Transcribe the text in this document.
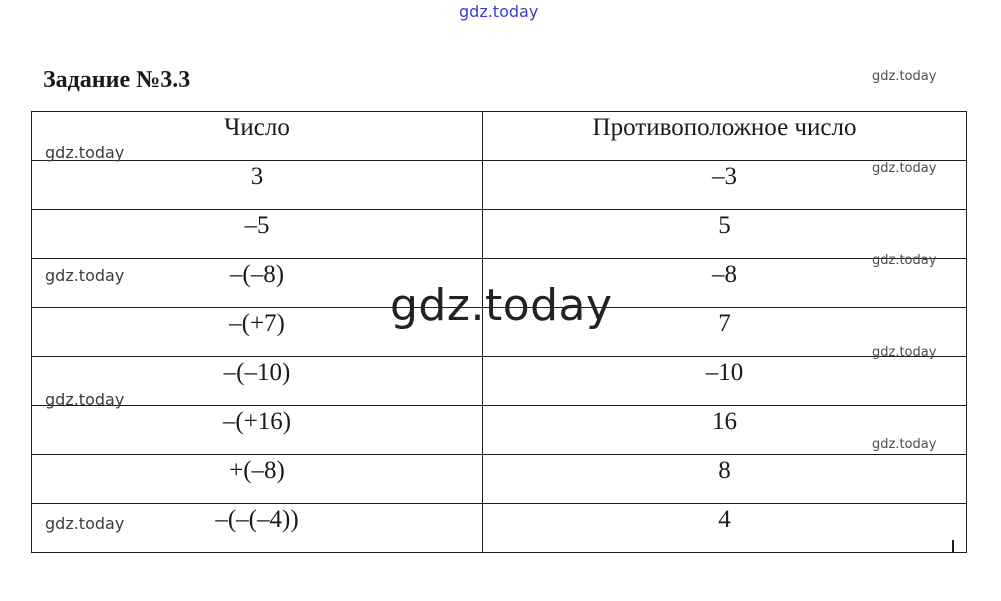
gdz.today
Задание №3.3
Число	Противоположное число
3	–3
–5	5
–(–8)	–8
–(+7)	7
–(–10)	–10
–(+16)	16
+(–8)	8
–(–(–4))	4
gdz.today
gdz.today
gdz.today
gdz.today
gdz.today
gdz.today
gdz.today
gdz.today
gdz.today
gdz.today
